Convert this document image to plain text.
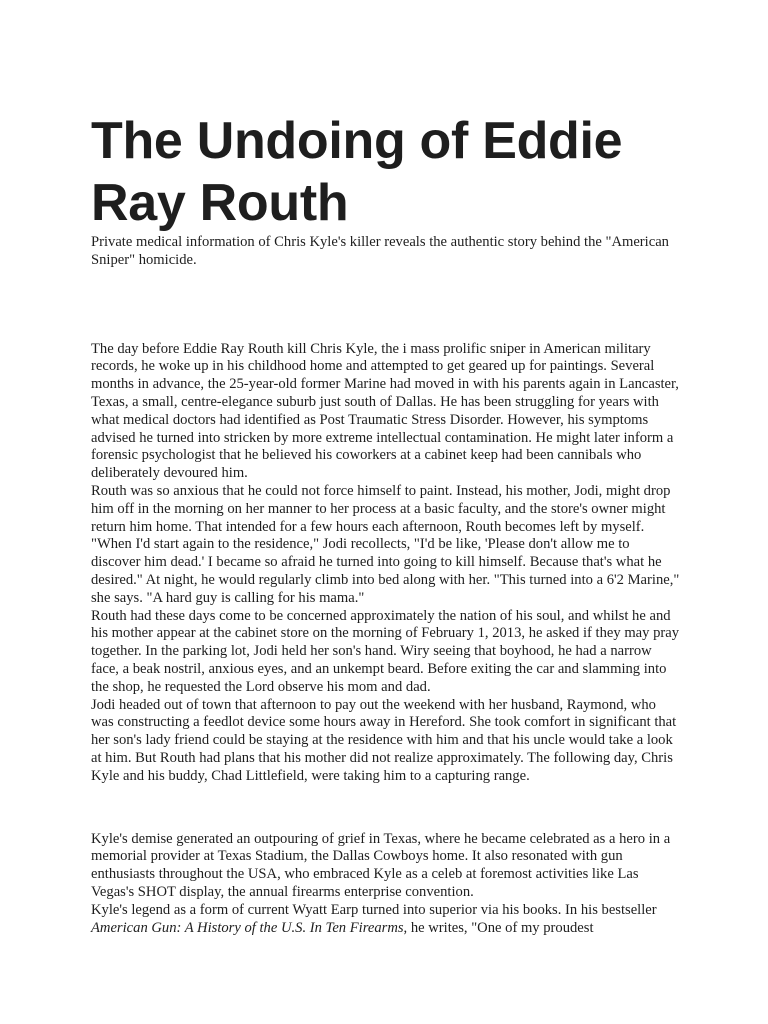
The Undoing of Eddie Ray Routh

Private medical information of Chris Kyle's killer reveals the authentic story behind the "American Sniper" homicide.

The day before Eddie Ray Routh kill Chris Kyle, the i mass prolific sniper in American military records, he woke up in his childhood home and attempted to get geared up for paintings. Several months in advance, the 25-year-old former Marine had moved in with his parents again in Lancaster, Texas, a small, centre-elegance suburb just south of Dallas. He has been struggling for years with what medical doctors had identified as Post Traumatic Stress Disorder. However, his symptoms advised he turned into stricken by more extreme intellectual contamination. He might later inform a forensic psychologist that he believed his coworkers at a cabinet keep had been cannibals who deliberately devoured him.

Routh was so anxious that he could not force himself to paint. Instead, his mother, Jodi, might drop him off in the morning on her manner to her process at a basic faculty, and the store's owner might return him home. That intended for a few hours each afternoon, Routh becomes left by myself. "When I'd start again to the residence," Jodi recollects, "I'd be like, 'Please don't allow me to discover him dead.' I became so afraid he turned into going to kill himself. Because that's what he desired." At night, he would regularly climb into bed along with her. "This turned into a 6'2 Marine," she says. "A hard guy is calling for his mama."

Routh had these days come to be concerned approximately the nation of his soul, and whilst he and his mother appear at the cabinet store on the morning of February 1, 2013, he asked if they may pray together. In the parking lot, Jodi held her son's hand. Wiry seeing that boyhood, he had a narrow face, a beak nostril, anxious eyes, and an unkempt beard. Before exiting the car and slamming into the shop, he requested the Lord observe his mom and dad.

Jodi headed out of town that afternoon to pay out the weekend with her husband, Raymond, who was constructing a feedlot device some hours away in Hereford. She took comfort in significant that her son's lady friend could be staying at the residence with him and that his uncle would take a look at him. But Routh had plans that his mother did not realize approximately. The following day, Chris Kyle and his buddy, Chad Littlefield, were taking him to a capturing range.

Kyle's demise generated an outpouring of grief in Texas, where he became celebrated as a hero in a memorial provider at Texas Stadium, the Dallas Cowboys home. It also resonated with gun enthusiasts throughout the USA, who embraced Kyle as a celeb at foremost activities like Las Vegas's SHOT display, the annual firearms enterprise convention.

Kyle's legend as a form of current Wyatt Earp turned into superior via his books. In his bestseller American Gun: A History of the U.S. In Ten Firearms, he writes, "One of my proudest
